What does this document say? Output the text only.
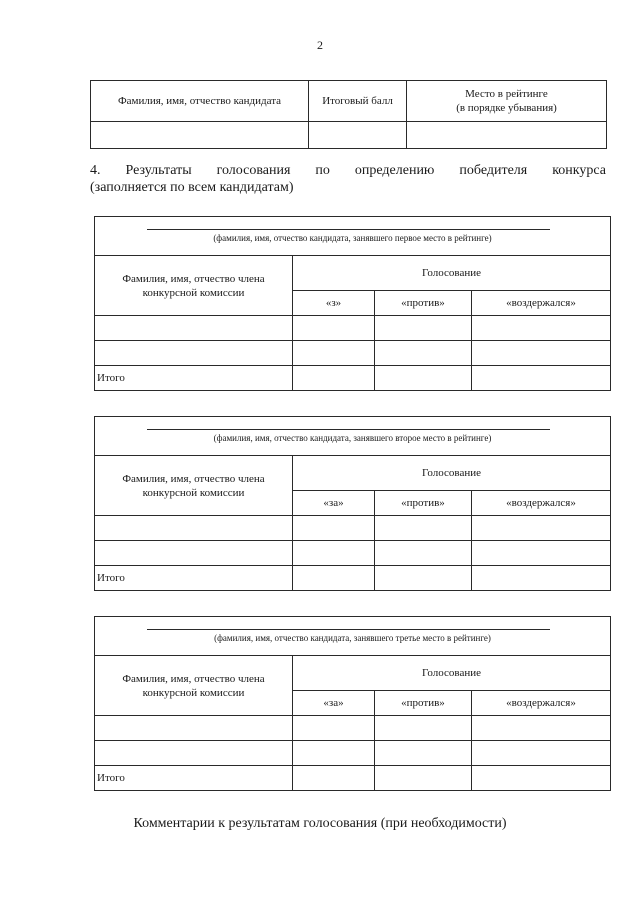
2
Фамилия, имя, отчество кандидата	Итоговый балл	Место в рейтинге
(в порядке убывания)

4. Результаты голосования по определению победителя конкурса
(заполняется по всем кандидатам)
(фамилия, имя, отчество кандидата, занявшего первое место в рейтинге)			

Фамилия, имя, отчество члена
конкурсной комиссии	Голосование		
	«з»	«против»	«воздержался»

Итого			
(фамилия, имя, отчество кандидата, занявшего второе место в рейтинге)			

Фамилия, имя, отчество члена
конкурсной комиссии	Голосование		
	«за»	«против»	«воздержался»

Итого			
(фамилия, имя, отчество кандидата, занявшего третье место в рейтинге)			

Фамилия, имя, отчество члена
конкурсной комиссии	Голосование		
	«за»	«против»	«воздержался»

Итого			
Комментарии к результатам голосования (при необходимости)
